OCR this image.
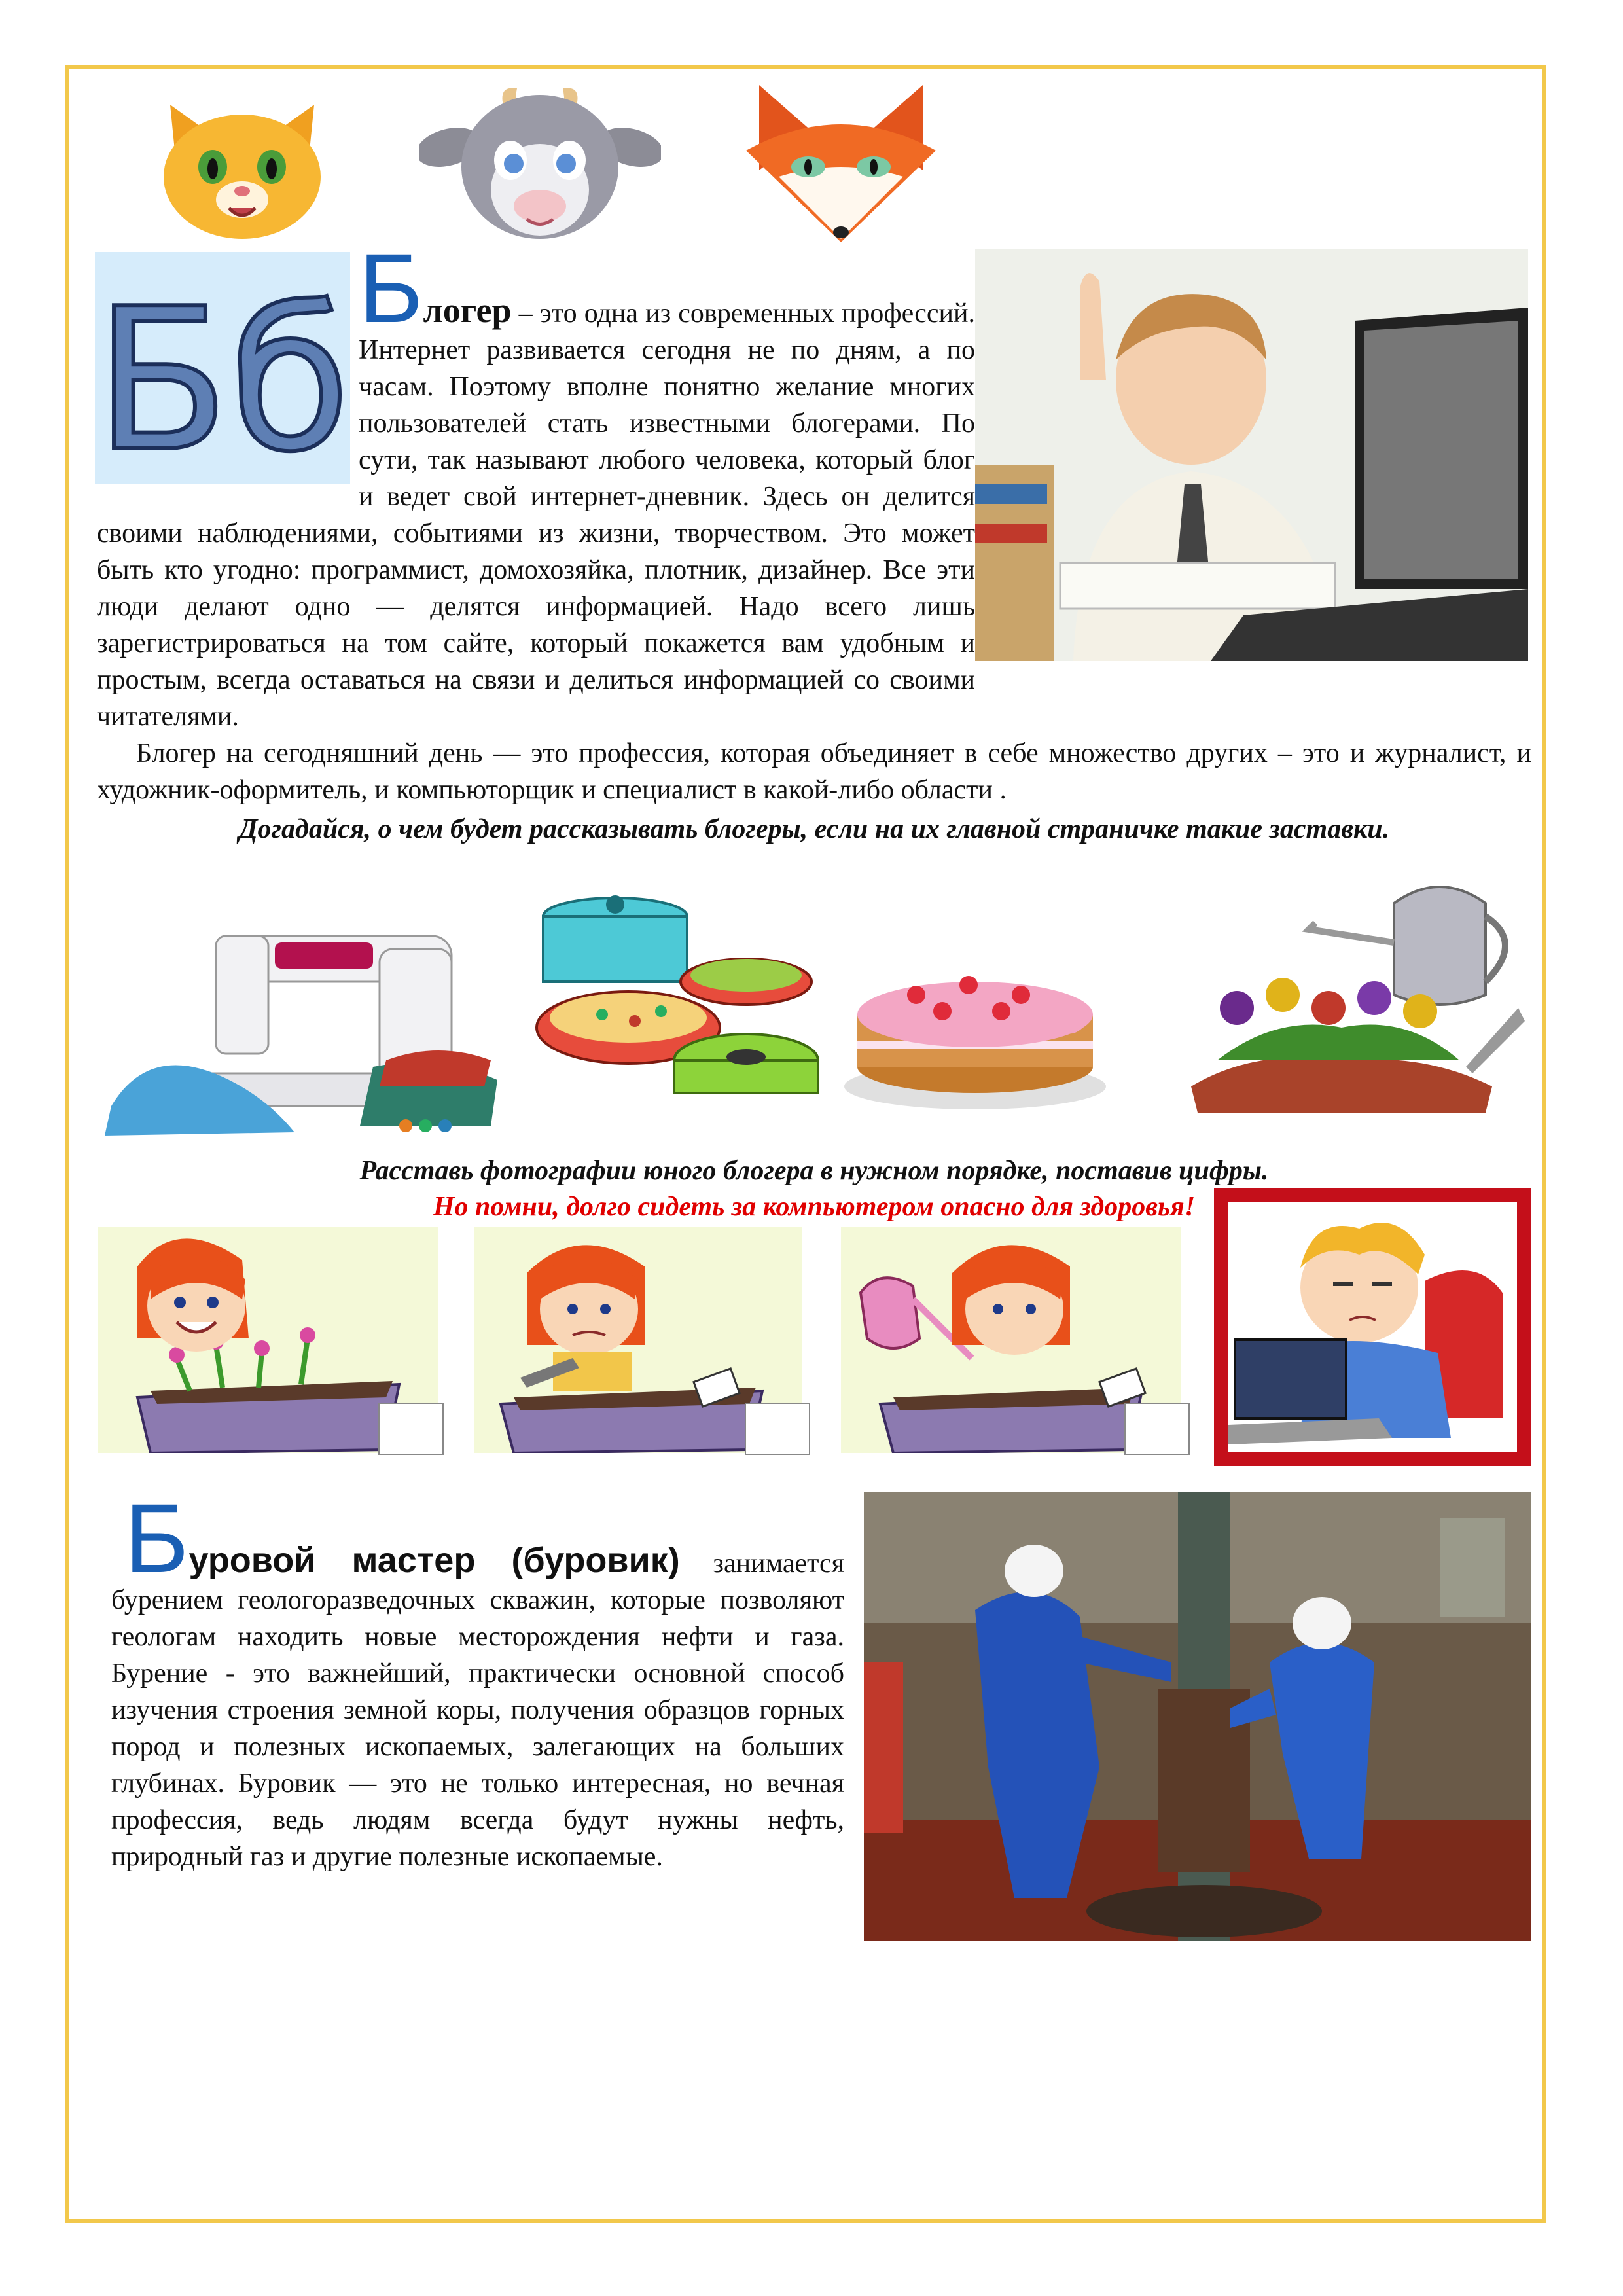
Бб Блогер – это одна из современных профессий. Интернет развивается сегодня не по дням, а по часам. Поэтому вполне понятно желание многих пользователей стать известными блогерами. По сути, так называют любого человека, который блог и ведет свой интернет-дневник. Здесь он делится своими наблюдениями, событиями из жизни, творчеством. Это может быть кто угодно: программист, домохозяйка, плотник, дизайнер. Все эти люди делают одно — делятся информацией. Надо всего лишь зарегистрироваться на том сайте, который покажется вам удобным и простым, всегда оставаться на связи и делиться информацией со своими читателями.

Блогер на сегодняшний день — это профессия, которая объединяет в себе множество других – это и журналист, и художник-оформитель, и компьюторщик и специалист в какой-либо области .

Догадайся, о чем будет рассказывать блогеры, если на их главной страничке такие заставки.

Расставь фотографии юного блогера в нужном порядке, поставив цифры.
Но помни, долго сидеть за компьютером опасно для здоровья!

Буровой мастер (буровик) занимается бурением геологоразведочных скважин, которые позволяют геологам находить новые месторождения нефти и газа. Бурение - это важнейший, практически основной способ изучения строения земной коры, получения образцов горных пород и полезных ископаемых, залегающих на больших глубинах. Буровик — это не только интересная, но вечная профессия, ведь людям всегда будут нужны нефть, природный газ и другие полезные ископаемые.
